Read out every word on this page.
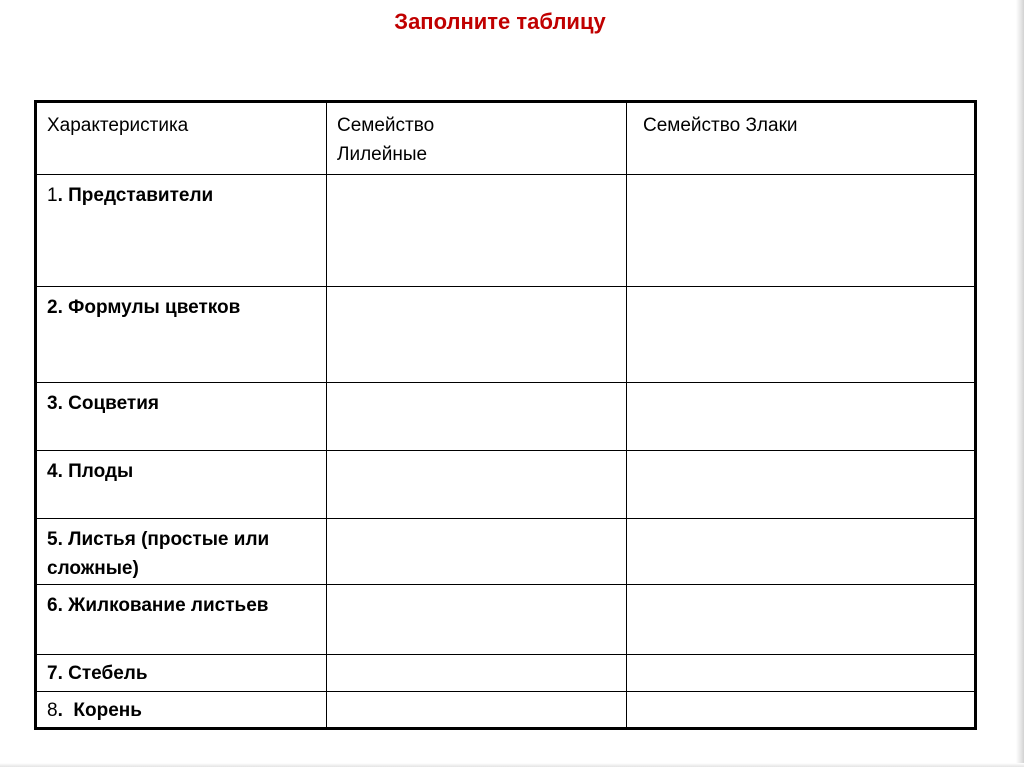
Заполните таблицу
Характеристика	Семейство Лилейные	Семейство Злаки

1. Представители		

2. Формулы цветков		

3. Соцветия		

4. Плоды		

5. Листья (простые или сложные)		

6. Жилкование листьев		

7. Стебель		

8.  Корень		
